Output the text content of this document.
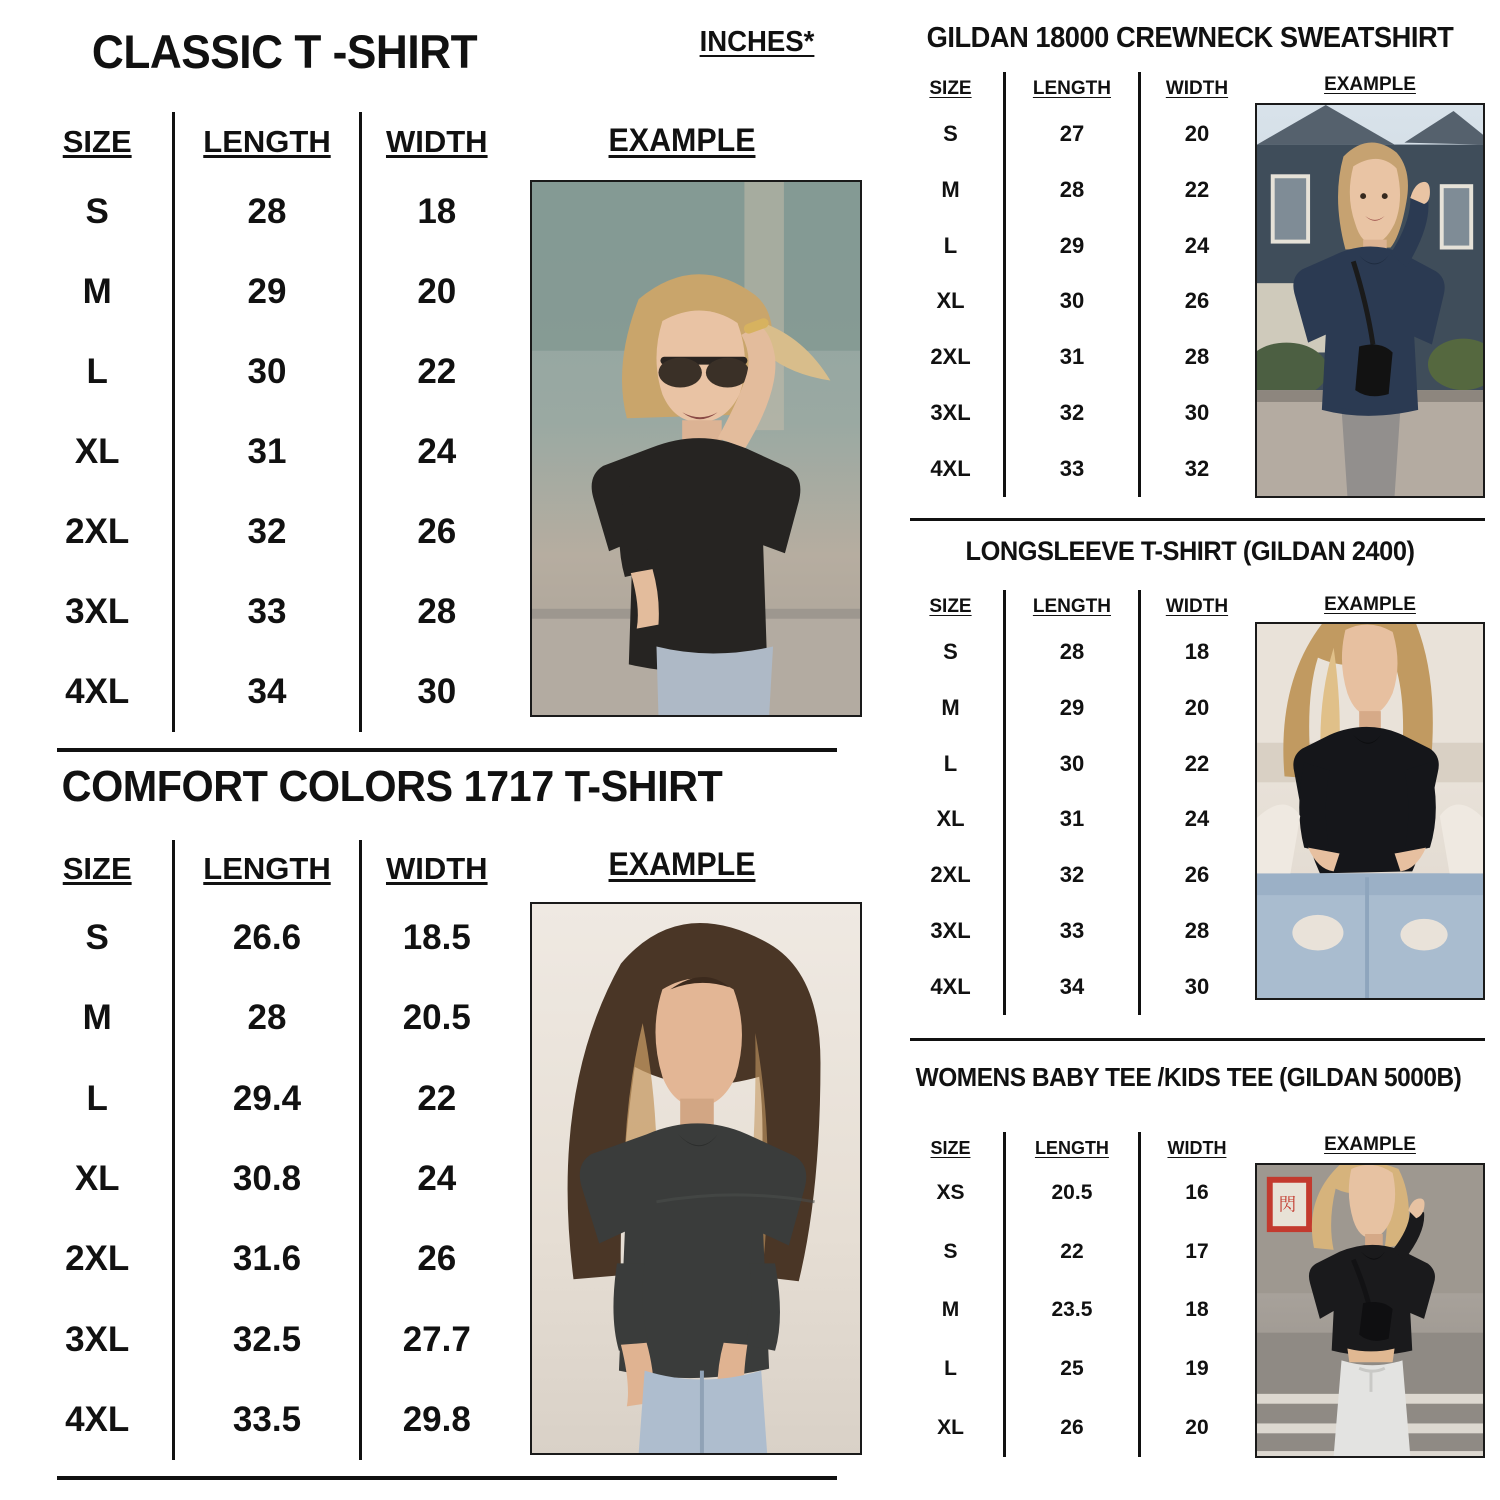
CLASSIC T -SHIRT	INCHES*
SIZE	LENGTH	WIDTH
S	28	18
M	29	20
L	30	22
XL	31	24
2XL	32	26
3XL	33	28
4XL	34	30
EXAMPLE
COMFORT COLORS 1717 T-SHIRT
SIZE	LENGTH	WIDTH
S	26.6	18.5
M	28	20.5
L	29.4	22
XL	30.8	24
2XL	31.6	26
3XL	32.5	27.7
4XL	33.5	29.8
EXAMPLE
GILDAN 18000 CREWNECK SWEATSHIRT
SIZE	LENGTH	WIDTH
S	27	20
M	28	22
L	29	24
XL	30	26
2XL	31	28
3XL	32	30
4XL	33	32
EXAMPLE
LONGSLEEVE T-SHIRT (GILDAN 2400)
SIZE	LENGTH	WIDTH
S	28	18
M	29	20
L	30	22
XL	31	24
2XL	32	26
3XL	33	28
4XL	34	30
EXAMPLE
WOMENS BABY TEE /KIDS TEE (GILDAN 5000B)
SIZE	LENGTH	WIDTH
XS	20.5	16
S	22	17
M	23.5	18
L	25	19
XL	26	20
EXAMPLE
閃
